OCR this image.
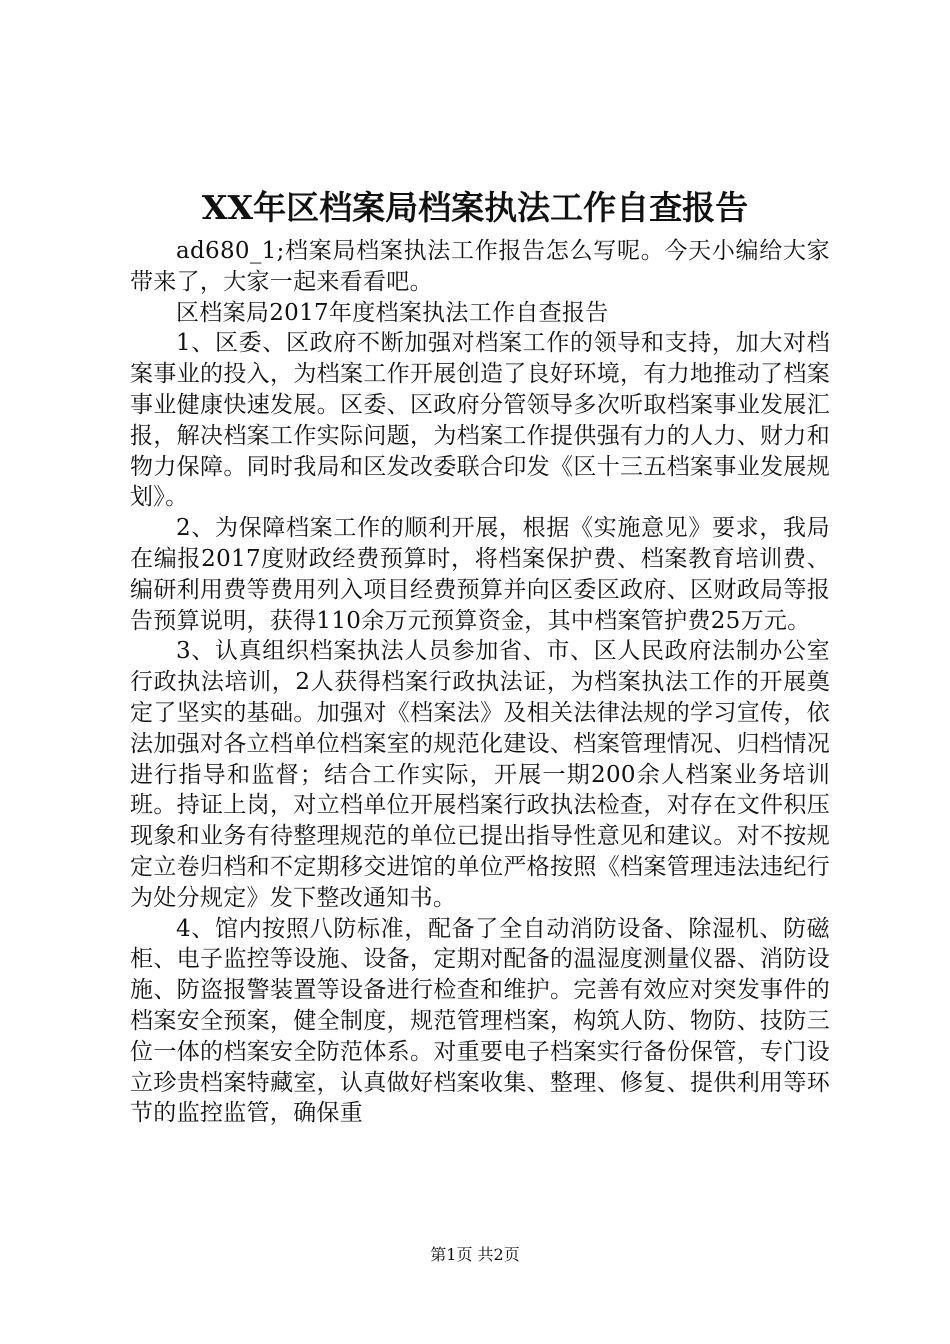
XX年区档案局档案执法工作自查报告

ad680_1;档案局档案执法工作报告怎么写呢。今天小编给大家带来了，大家一起来看看吧。

区档案局2017年度档案执法工作自查报告

1、区委、区政府不断加强对档案工作的领导和支持，加大对档案事业的投入，为档案工作开展创造了良好环境，有力地推动了档案事业健康快速发展。区委、区政府分管领导多次听取档案事业发展汇报，解决档案工作实际问题，为档案工作提供强有力的人力、财力和物力保障。同时我局和区发改委联合印发《区十三五档案事业发展规划》。

2、为保障档案工作的顺利开展，根据《实施意见》要求，我局在编报2017度财政经费预算时，将档案保护费、档案教育培训费、编研利用费等费用列入项目经费预算并向区委区政府、区财政局等报告预算说明，获得110余万元预算资金，其中档案管护费25万元。

3、认真组织档案执法人员参加省、市、区人民政府法制办公室行政执法培训，2人获得档案行政执法证，为档案执法工作的开展奠定了坚实的基础。加强对《档案法》及相关法律法规的学习宣传，依法加强对各立档单位档案室的规范化建设、档案管理情况、归档情况进行指导和监督；结合工作实际，开展一期200余人档案业务培训班。持证上岗，对立档单位开展档案行政执法检查，对存在文件积压现象和业务有待整理规范的单位已提出指导性意见和建议。对不按规定立卷归档和不定期移交进馆的单位严格按照《档案管理违法违纪行为处分规定》发下整改通知书。

4、馆内按照八防标准，配备了全自动消防设备、除湿机、防磁柜、电子监控等设施、设备，定期对配备的温湿度测量仪器、消防设施、防盗报警装置等设备进行检查和维护。完善有效应对突发事件的档案安全预案，健全制度，规范管理档案，构筑人防、物防、技防三位一体的档案安全防范体系。对重要电子档案实行备份保管，专门设立珍贵档案特藏室，认真做好档案收集、整理、修复、提供利用等环节的监控监管，确保重

第1页 共2页
